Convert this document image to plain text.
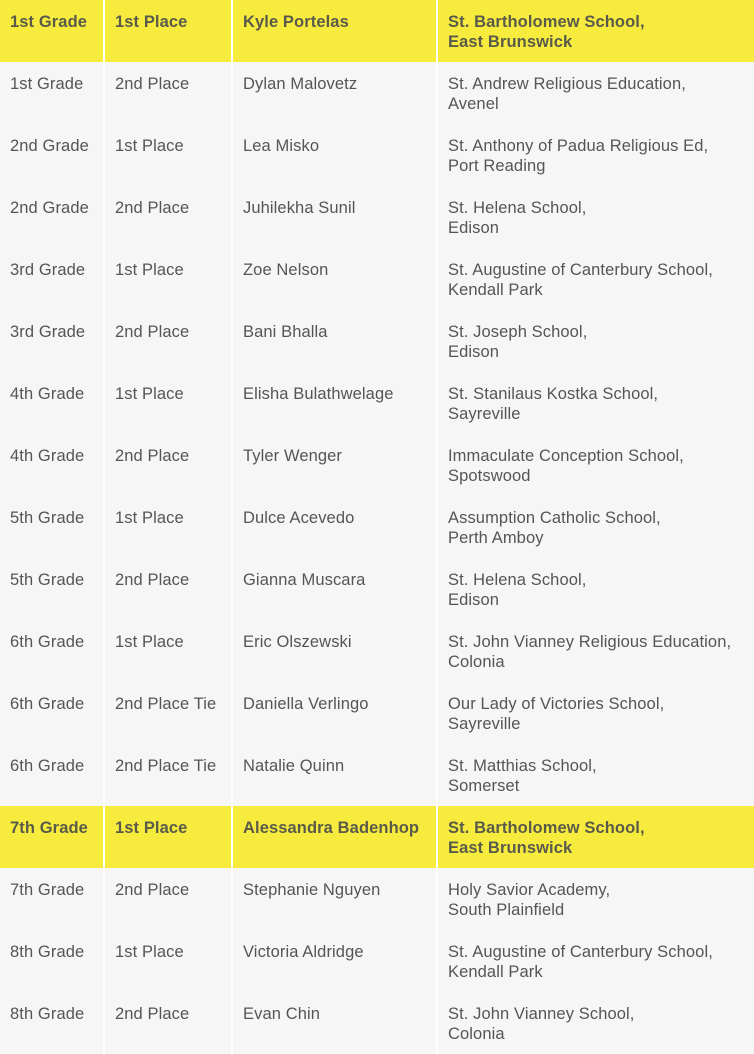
1st Grade	1st Place	Kyle Portelas	St. Bartholomew School,
East Brunswick
1st Grade	2nd Place	Dylan Malovetz	St. Andrew Religious Education,
Avenel
2nd Grade	1st Place	Lea Misko	St. Anthony of Padua Religious Ed,
Port Reading
2nd Grade	2nd Place	Juhilekha Sunil	St. Helena School,
Edison
3rd Grade	1st Place	Zoe Nelson	St. Augustine of Canterbury School,
Kendall Park
3rd Grade	2nd Place	Bani Bhalla	St. Joseph School,
Edison
4th Grade	1st Place	Elisha Bulathwelage	St. Stanilaus Kostka School,
Sayreville
4th Grade	2nd Place	Tyler Wenger	Immaculate Conception School,
Spotswood
5th Grade	1st Place	Dulce Acevedo	Assumption Catholic School,
Perth Amboy
5th Grade	2nd Place	Gianna Muscara	St. Helena School,
Edison
6th Grade	1st Place	Eric Olszewski	St. John Vianney Religious Education,
Colonia
6th Grade	2nd Place Tie	Daniella Verlingo	Our Lady of Victories School,
Sayreville
6th Grade	2nd Place Tie	Natalie Quinn	St. Matthias School,
Somerset
7th Grade	1st Place	Alessandra Badenhop	St. Bartholomew School,
East Brunswick
7th Grade	2nd Place	Stephanie Nguyen	Holy Savior Academy,
South Plainfield
8th Grade	1st Place	Victoria Aldridge	St. Augustine of Canterbury School,
Kendall Park
8th Grade	2nd Place	Evan Chin	St. John Vianney School,
Colonia
